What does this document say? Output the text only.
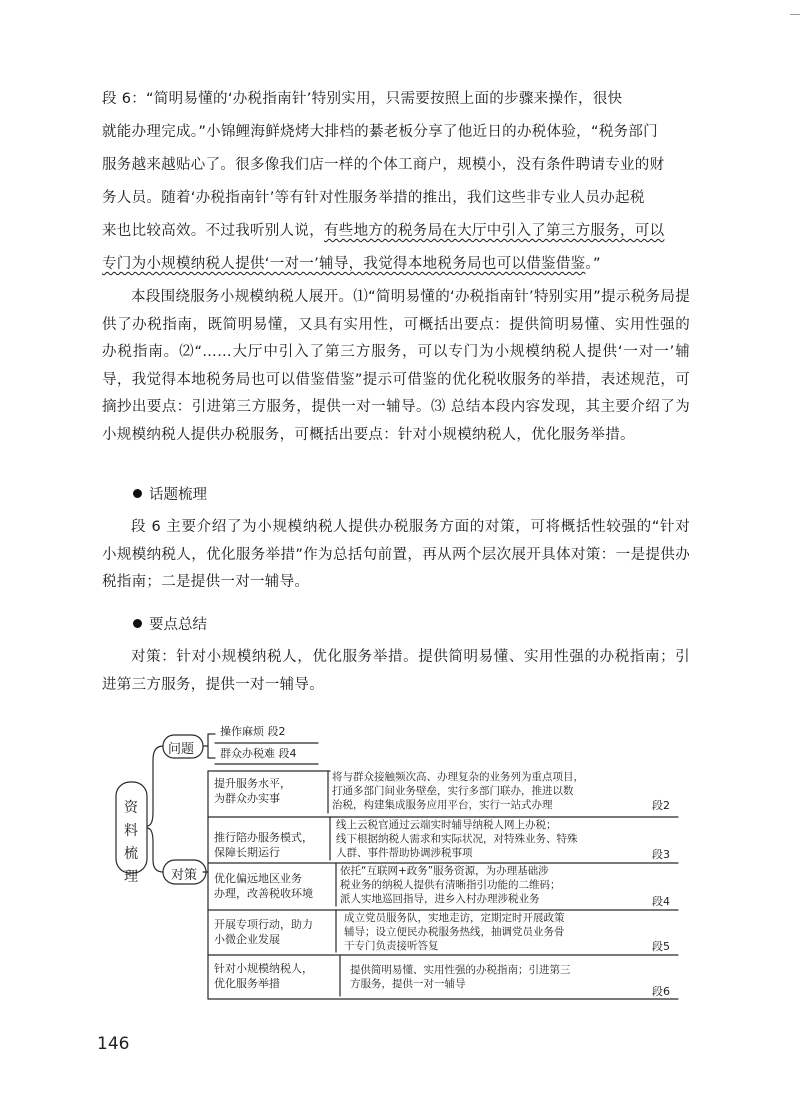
段 6：“简明易懂的‘办税指南针’特别实用，只需要按照上面的步骤来操作，很快

就能办理完成。”小锦鲤海鲜烧烤大排档的綦老板分享了他近日的办税体验，“税务部门

服务越来越贴心了。很多像我们店一样的个体工商户，规模小，没有条件聘请专业的财

务人员。随着‘办税指南针’等有针对性服务举措的推出，我们这些非专业人员办起税

来也比较高效。不过我听别人说，有些地方的税务局在大厅中引入了第三方服务，可以

专门为小规模纳税人提供‘一对一’辅导，我觉得本地税务局也可以借鉴借鉴。”

本段围绕服务小规模纳税人展开。⑴“简明易懂的‘办税指南针’特别实用”提示税务局提供了办税指南，既简明易懂，又具有实用性，可概括出要点：提供简明易懂、实用性强的办税指南。⑵“……大厅中引入了第三方服务，可以专门为小规模纳税人提供‘一对一’辅导，我觉得本地税务局也可以借鉴借鉴”提示可借鉴的优化税收服务的举措，表述规范，可摘抄出要点：引进第三方服务，提供一对一辅导。⑶ 总结本段内容发现，其主要介绍了为小规模纳税人提供办税服务，可概括出要点：针对小规模纳税人，优化服务举措。

话题梳理

段 6 主要介绍了为小规模纳税人提供办税服务方面的对策，可将概括性较强的“针对小规模纳税人，优化服务举措”作为总括句前置，再从两个层次展开具体对策：一是提供办税指南；二是提供一对一辅导。

要点总结

对策：针对小规模纳税人，优化服务举措。提供简明易懂、实用性强的办税指南；引进第三方服务，提供一对一辅导。

资料梳理
问题
对策
操作麻烦 段2
群众办税难 段4
提升服务水平，
为群众办实事
将与群众接触频次高、办理复杂的业务列为重点项目，
打通多部门间业务壁垒，实行多部门联办，推进以数
治税，构建集成服务应用平台，实行一站式办理	段2
推行陪办服务模式，
保障长期运行
线上云税官通过云端实时辅导纳税人网上办税；
线下根据纳税人需求和实际状况，对特殊业务、特殊
人群、事件帮助协调涉税事项	段3
优化偏远地区业务
办理，改善税收环境
依托“互联网+政务”服务资源，为办理基础涉
税业务的纳税人提供有清晰指引功能的二维码；
派人实地巡回指导，进乡入村办理涉税业务	段4
开展专项行动，助力
小微企业发展
成立党员服务队，实地走访，定期定时开展政策
辅导；设立便民办税服务热线，抽调党员业务骨
干专门负责接听答复	段5
针对小规模纳税人，
优化服务举措
提供简明易懂、实用性强的办税指南；引进第三
方服务，提供一对一辅导
段6
146
